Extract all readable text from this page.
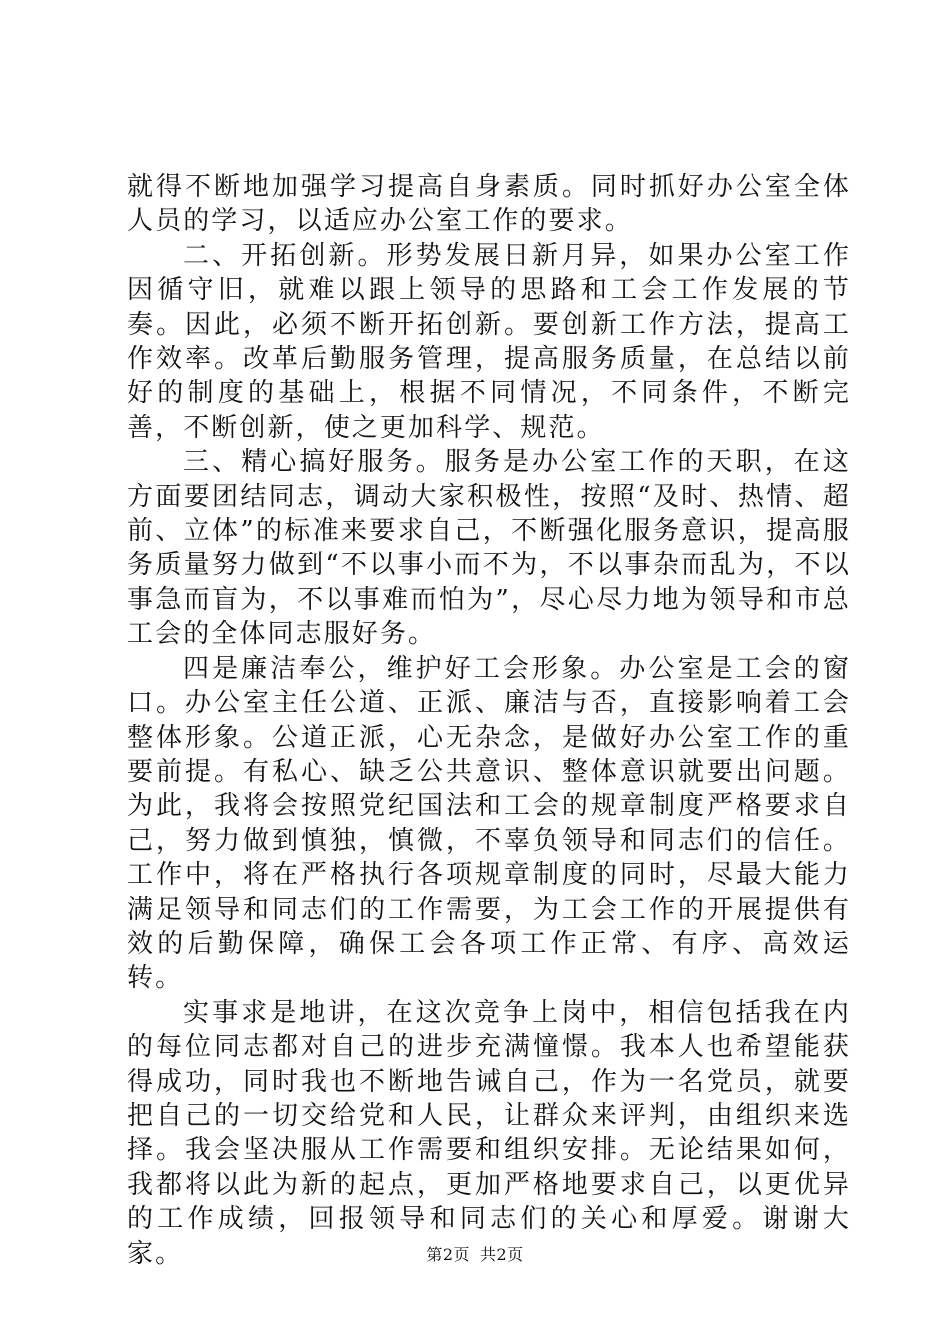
就得不断地加强学习提高自身素质。同时抓好办公室全体人员的学习，以适应办公室工作的要求。

二、开拓创新。形势发展日新月异，如果办公室工作因循守旧，就难以跟上领导的思路和工会工作发展的节奏。因此，必须不断开拓创新。要创新工作方法，提高工作效率。改革后勤服务管理，提高服务质量，在总结以前好的制度的基础上，根据不同情况，不同条件，不断完善，不断创新，使之更加科学、规范。

三、精心搞好服务。服务是办公室工作的天职，在这方面要团结同志，调动大家积极性，按照“及时、热情、超前、立体”的标准来要求自己，不断强化服务意识，提高服务质量努力做到“不以事小而不为，不以事杂而乱为，不以事急而盲为，不以事难而怕为”，尽心尽力地为领导和市总工会的全体同志服好务。

四是廉洁奉公，维护好工会形象。办公室是工会的窗口。办公室主任公道、正派、廉洁与否，直接影响着工会整体形象。公道正派，心无杂念，是做好办公室工作的重要前提。有私心、缺乏公共意识、整体意识就要出问题。为此，我将会按照党纪国法和工会的规章制度严格要求自己，努力做到慎独，慎微，不辜负领导和同志们的信任。工作中，将在严格执行各项规章制度的同时，尽最大能力满足领导和同志们的工作需要，为工会工作的开展提供有效的后勤保障，确保工会各项工作正常、有序、高效运转。

实事求是地讲，在这次竞争上岗中，相信包括我在内的每位同志都对自己的进步充满憧憬。我本人也希望能获得成功，同时我也不断地告诫自己，作为一名党员，就要把自己的一切交给党和人民，让群众来评判，由组织来选择。我会坚决服从工作需要和组织安排。无论结果如何，我都将以此为新的起点，更加严格地要求自己，以更优异的工作成绩，回报领导和同志们的关心和厚爱。谢谢大家。	第2页 共2页
